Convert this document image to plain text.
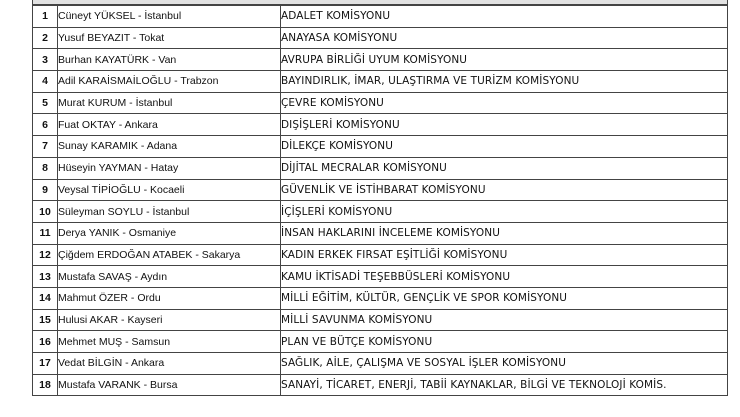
1	Cüneyt YÜKSEL - İstanbul	ADALET KOMİSYONU
2	Yusuf BEYAZIT - Tokat	ANAYASA KOMİSYONU
3	Burhan KAYATÜRK - Van	AVRUPA BİRLİĞİ UYUM KOMİSYONU
4	Adil KARAİSMAİLOĞLU - Trabzon	BAYINDIRLIK, İMAR, ULAŞTIRMA VE TURİZM KOMİSYONU
5	Murat KURUM - İstanbul	ÇEVRE KOMİSYONU
6	Fuat OKTAY - Ankara	DIŞİŞLERİ KOMİSYONU
7	Sunay KARAMIK - Adana	DİLEKÇE KOMİSYONU
8	Hüseyin YAYMAN - Hatay	DİJİTAL MECRALAR KOMİSYONU
9	Veysal TİPİOĞLU - Kocaeli	GÜVENLİK VE İSTİHBARAT KOMİSYONU
10	Süleyman SOYLU - İstanbul	İÇİŞLERİ KOMİSYONU
11	Derya YANIK - Osmaniye	İNSAN HAKLARINI İNCELEME KOMİSYONU
12	Çiğdem ERDOĞAN ATABEK - Sakarya	KADIN ERKEK FIRSAT EŞİTLİĞİ KOMİSYONU
13	Mustafa SAVAŞ - Aydın	KAMU İKTİSADİ TEŞEBBÜSLERİ KOMİSYONU
14	Mahmut ÖZER - Ordu	MİLLİ EĞİTİM, KÜLTÜR, GENÇLİK VE SPOR KOMİSYONU
15	Hulusi AKAR - Kayseri	MİLLİ SAVUNMA KOMİSYONU
16	Mehmet MUŞ - Samsun	PLAN VE BÜTÇE KOMİSYONU
17	Vedat BİLGİN - Ankara	SAĞLIK, AİLE, ÇALIŞMA VE SOSYAL İŞLER KOMİSYONU
18	Mustafa VARANK - Bursa	SANAYİ, TİCARET, ENERJİ, TABİİ KAYNAKLAR, BİLGİ VE TEKNOLOJİ KOMİS.
